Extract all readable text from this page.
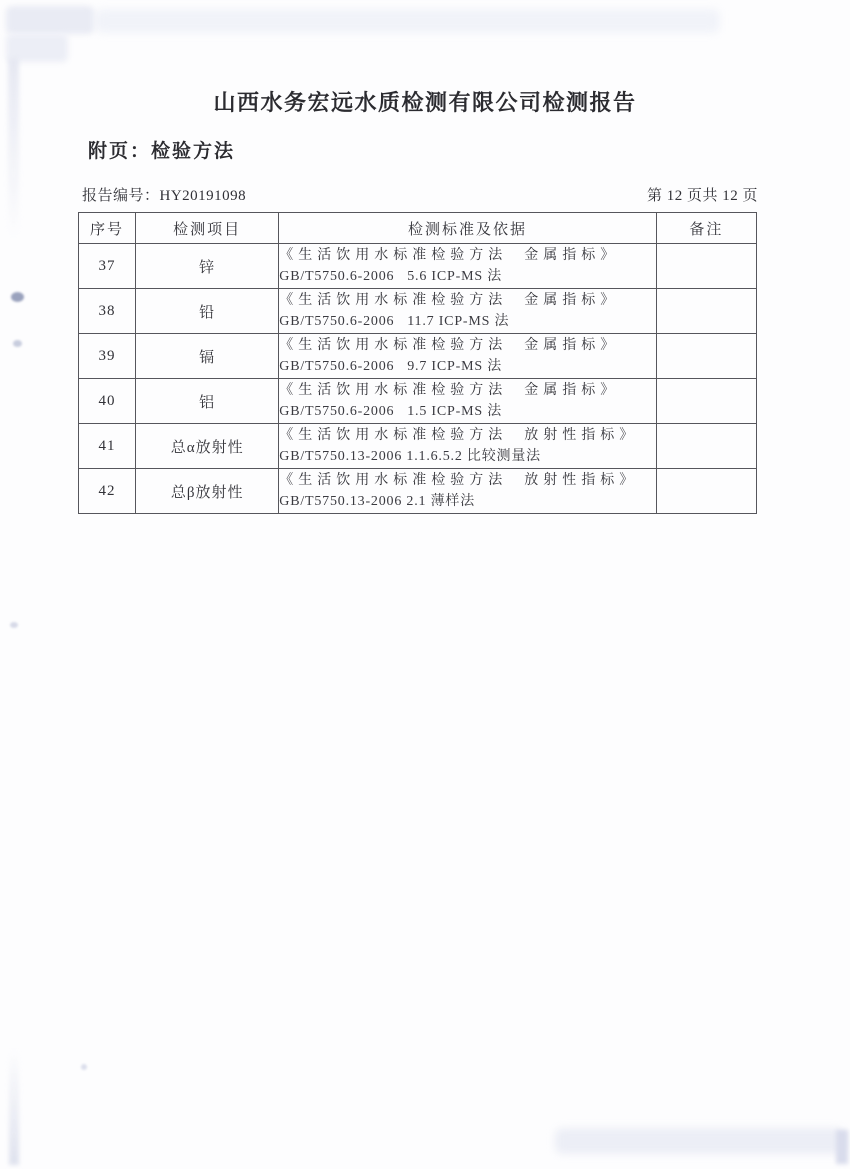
山西水务宏远水质检测有限公司检测报告
附页：检验方法
报告编号：HY20191098	第 12 页共 12 页
序号	检测项目	检测标准及依据	备注
37	锌	《生活饮用水标准检验方法  金属指标》
GB/T5750.6-2006   5.6 ICP-MS 法	

38	铅	《生活饮用水标准检验方法  金属指标》
GB/T5750.6-2006   11.7 ICP-MS 法	

39	镉	《生活饮用水标准检验方法  金属指标》
GB/T5750.6-2006   9.7 ICP-MS 法	

40	铝	《生活饮用水标准检验方法  金属指标》
GB/T5750.6-2006   1.5 ICP-MS 法	

41	总α放射性	《生活饮用水标准检验方法  放射性指标》
GB/T5750.13-2006 1.1.6.5.2 比较测量法	

42	总β放射性	《生活饮用水标准检验方法  放射性指标》
GB/T5750.13-2006 2.1 薄样法	
